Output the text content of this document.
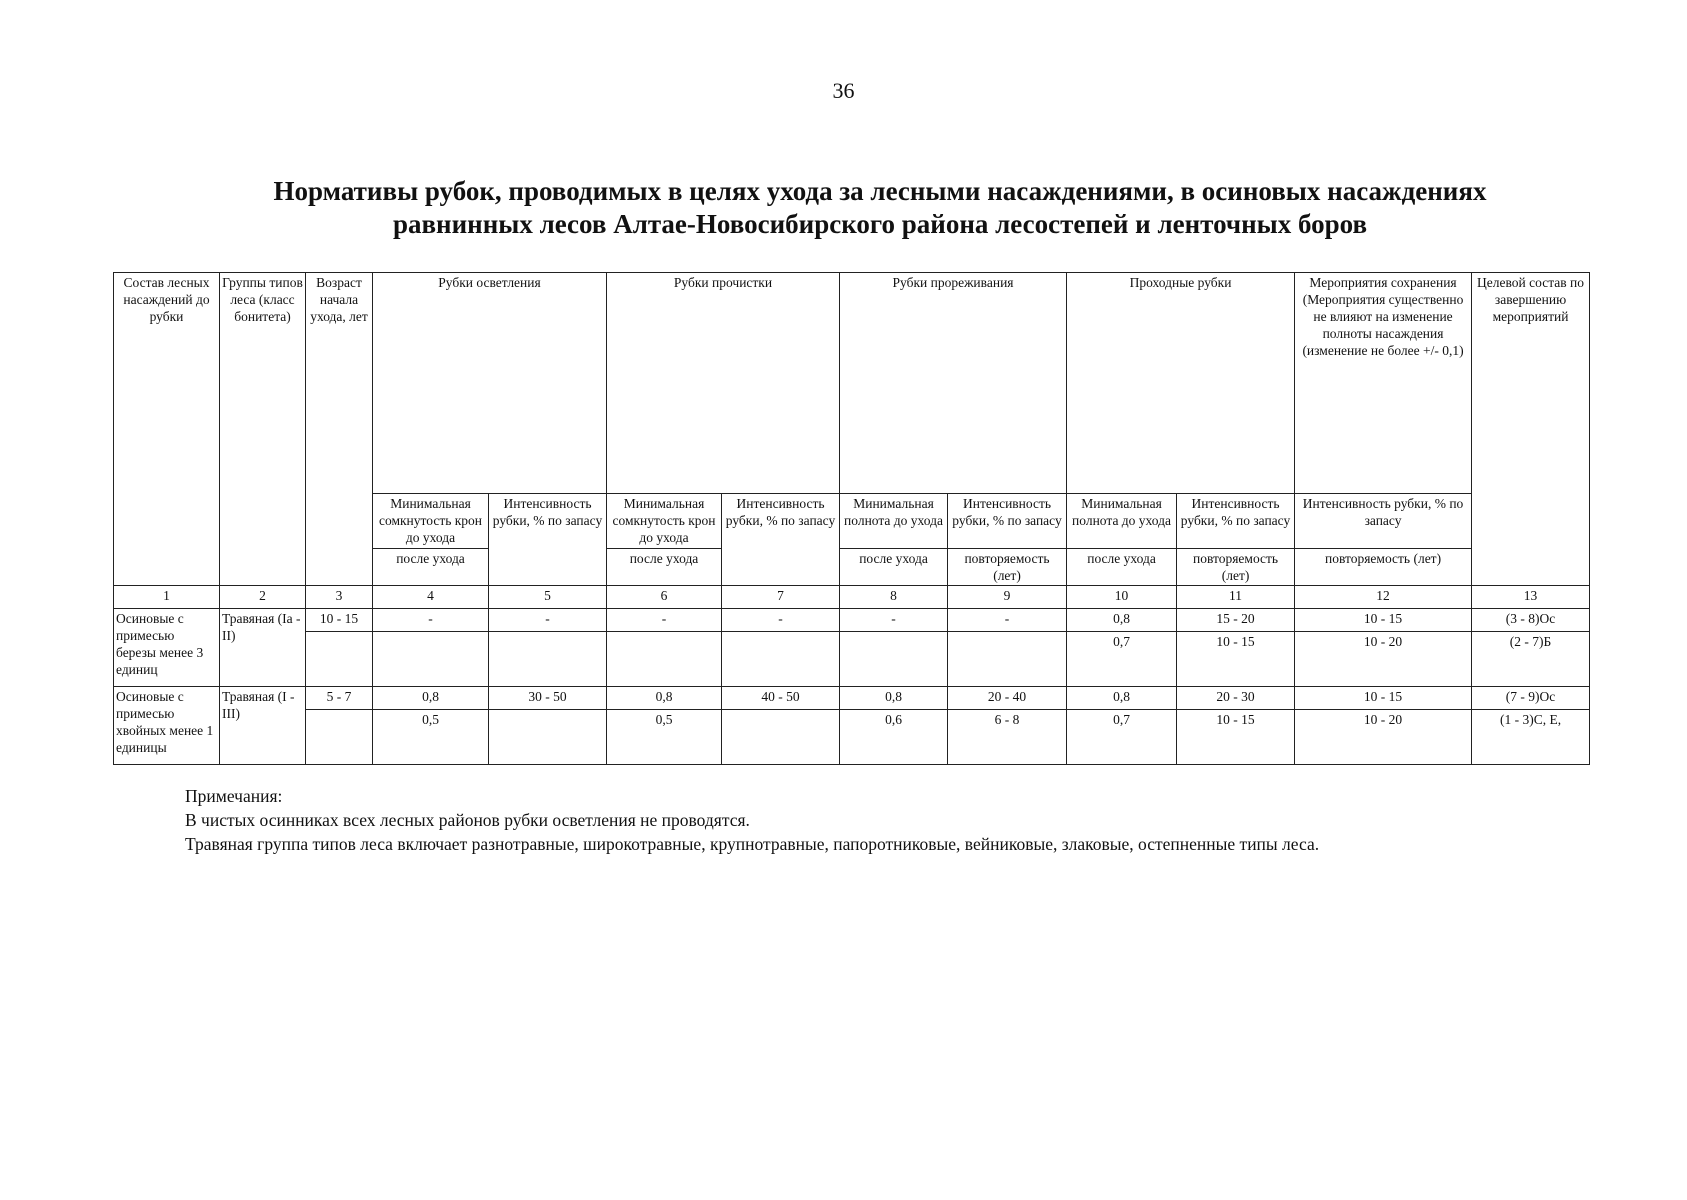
36
Нормативы рубок, проводимых в целях ухода за лесными насаждениями, в осиновых насаждениях
равнинных лесов Алтае-Новосибирского района лесостепей и ленточных боров
Состав лесных насаждений до рубки	Группы типов леса (класс бонитета)	Возраст начала ухода, лет	Рубки осветления		Рубки прочистки		Рубки прореживания		Проходные рубки		Мероприятия сохранения (Мероприятия существенно не влияют на изменение полноты насаждения (изменение не более +/- 0,1)	Целевой состав по завершению мероприятий
			Минимальная сомкнутость крон до ухода	Интенсивность рубки, % по запасу	Минимальная сомкнутость крон до ухода	Интенсивность рубки, % по запасу	Минимальная полнота до ухода	Интенсивность рубки, % по запасу	Минимальная полнота до ухода	Интенсивность рубки, % по запасу	Интенсивность рубки, % по запасу	
			после ухода		после ухода		после ухода	повторяемость (лет)	после ухода	повторяемость (лет)	повторяемость (лет)	
1	2	3	4	5	6	7	8	9	10	11	12	13
Осиновые с примесью березы менее 3 единиц	Травяная (Iа - II)	10 - 15	-	-	-	-	-	-	0,8	15 - 20	10 - 15	(3 - 8)Ос
									0,7	10 - 15	10 - 20	(2 - 7)Б
Осиновые с примесью хвойных менее 1 единицы	Травяная (I - III)	5 - 7	0,8	30 - 50	0,8	40 - 50	0,8	20 - 40	0,8	20 - 30	10 - 15	(7 - 9)Ос
			0,5		0,5		0,6	6 - 8	0,7	10 - 15	10 - 20	(1 - 3)С, Е,
Примечания:
В чистых осинниках всех лесных районов рубки осветления не проводятся.
Травяная группа типов леса включает разнотравные, широкотравные, крупнотравные, папоротниковые, вейниковые, злаковые, остепненные типы леса.
